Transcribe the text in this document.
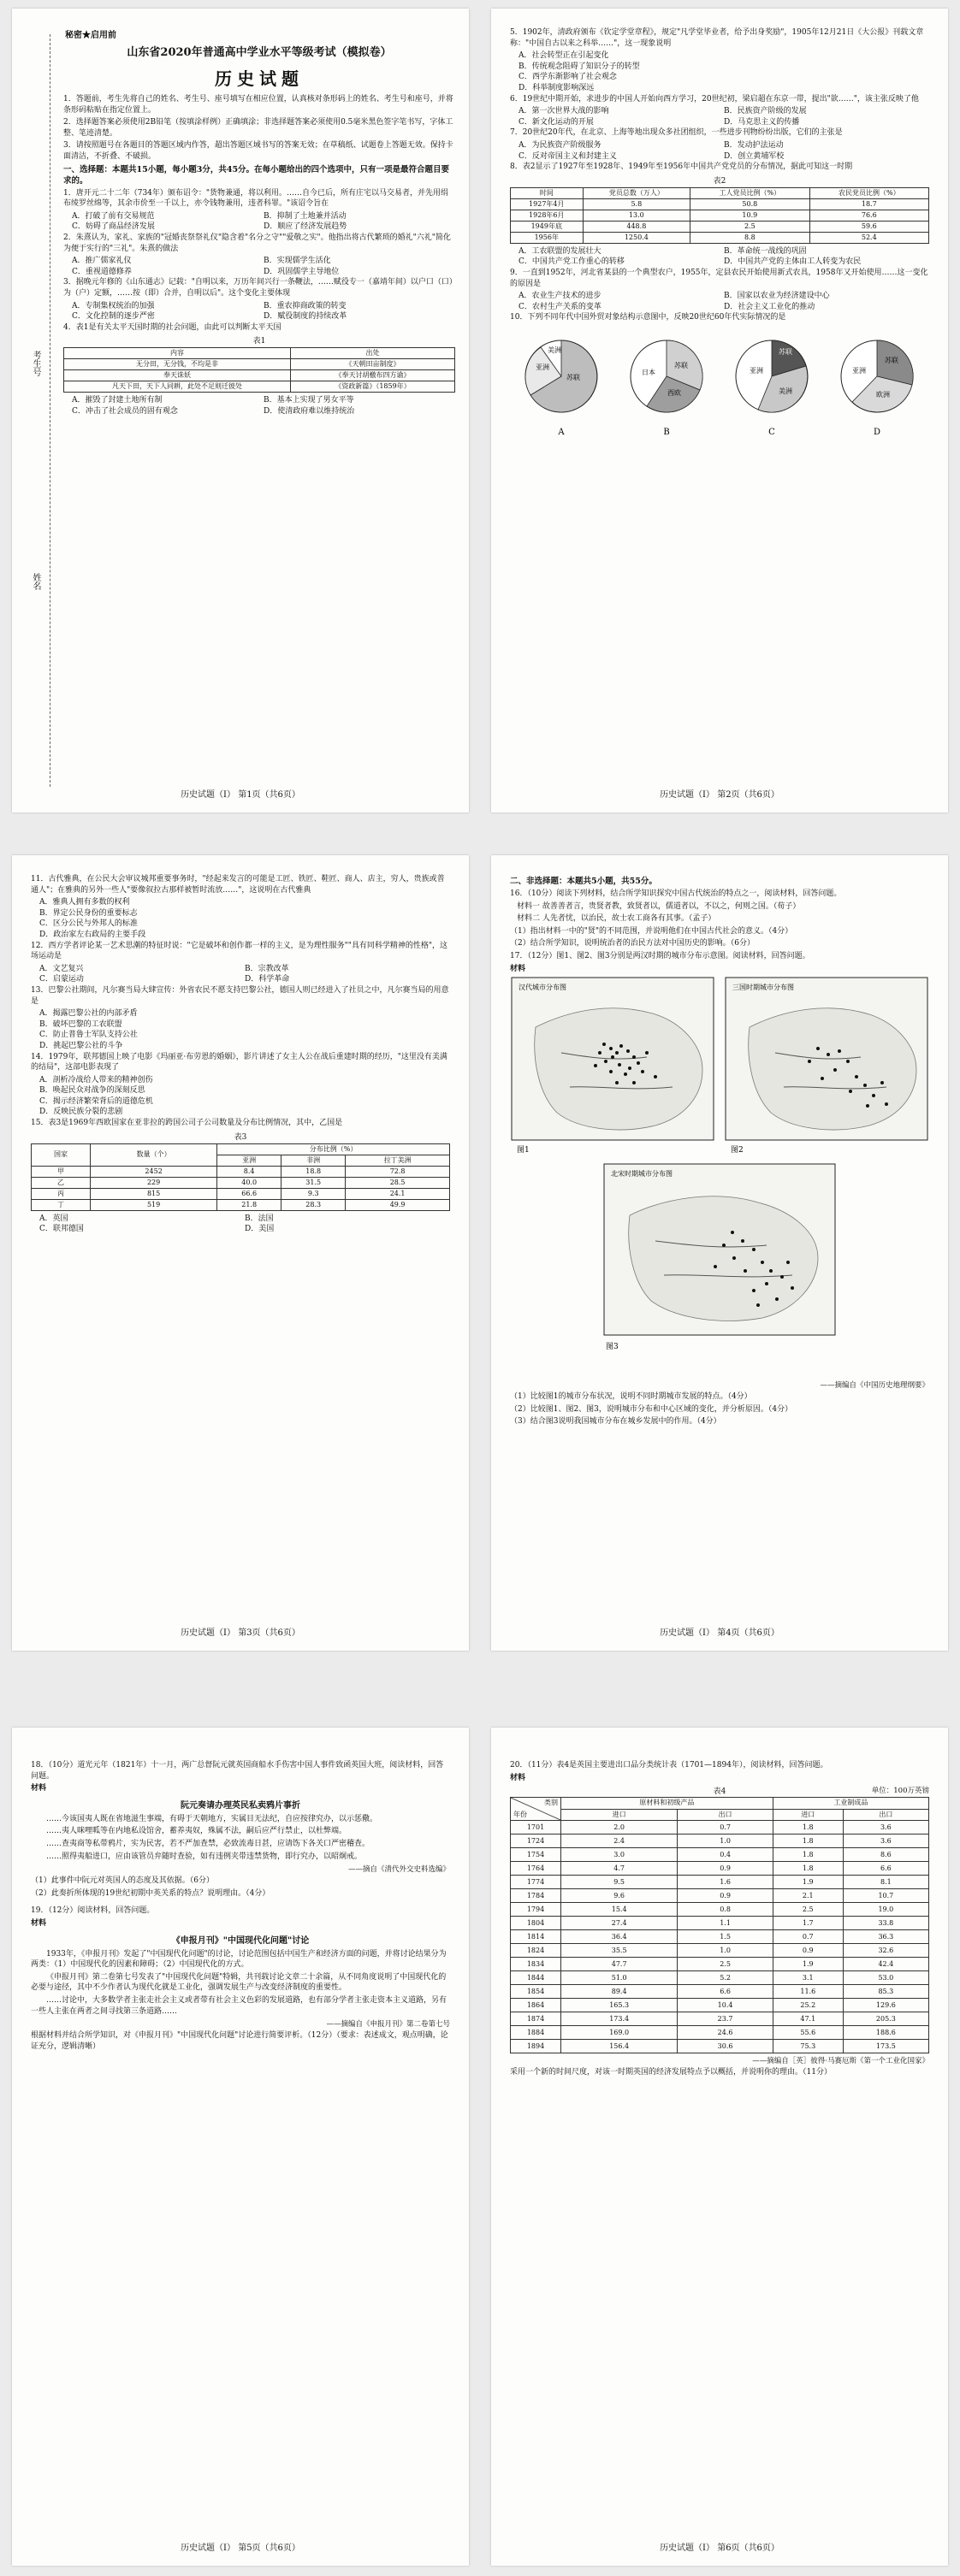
秘密★启用前
山东省2020年普通高中学业水平等级考试（模拟卷）
历史试题
考生号
姓名

1．答题前，考生先将自己的姓名、考生号、座号填写在相应位置，认真核对条形码上的姓名、考生号和座号，并将条形码粘贴在指定位置上。

2．选择题答案必须使用2B铅笔（按填涂样例）正确填涂；非选择题答案必须使用0.5毫米黑色签字笔书写，字体工整、笔迹清楚。

3．请按照题号在各题目的答题区域内作答，超出答题区域书写的答案无效；在草稿纸、试题卷上答题无效。保持卡面清洁，不折叠、不破损。

一、选择题：本题共15小题，每小题3分，共45分。在每小题给出的四个选项中，只有一项是最符合题目要求的。

1．唐开元二十二年（734年）颁布诏令："货物兼通，将以利用。……自今已后，所有庄宅以马交易者，并先用绢布绫罗丝绵等，其余市价至一千以上，亦令钱物兼用，违者科罪。"该诏令旨在

A．打破了前有交易规范	B．抑制了土地兼并活动
C．妨碍了商品经济发展	D．顺应了经济发展趋势

2．朱熹认为，家礼、家族的"冠婚丧祭祭礼仪"隐含着"名分之守""爱敬之实"。他指出将古代繁琐的婚礼"六礼"简化为便于实行的"三礼"。朱熹的做法

A．推广儒家礼仪	B．实现儒学生活化
C．重视道德修养	D．巩固儒学主导地位

3．据晚元年修的《山东通志》记载："自明以来，万历年间兴行一条鞭法，……赋役专一（嘉靖年间）以户口（口）为（户）定额，……按（即）合并，自明以后"。这个变化主要体现

A．专制集权统治的加强	B．重农抑商政策的转变
C．文化控制的逐步严密	D．赋役制度的持续改革

4．表1是有关太平天国时期的社会问题，由此可以判断太平天国

表1
内容	出处
无分田，无分钱，不均是非	《天朝田亩制度》
奉天诛妖	《奉天讨胡檄布四方谕》
凡天下田，天下人同耕，此处不足则迁彼处	《资政新篇》（1859年）
A．摧毁了封建土地所有制	B．基本上实现了男女平等
C．冲击了社会成员的固有观念	D．使清政府难以维持统治
历史试题（Ⅰ） 第1页（共6页）

5．1902年，清政府颁布《钦定学堂章程》，规定"凡学堂毕业者，给予出身奖励"，1905年12月21日《大公报》刊载文章称："中国自古以来之科举……"，这一现象说明

A．社会转型正在引起变化

B．传统观念阻碍了知识分子的转型

C．西学东渐影响了社会观念

D．科举制度影响深远

6．19世纪中期开始，求进步的中国人开始向西方学习，20世纪初，梁启超在东京一带，提出"欲……"，该主张反映了他

A．第一次世界大战的影响	B．民族资产阶级的发展
C．新文化运动的开展	D．马克思主义的传播

7．20世纪20年代，在北京、上海等地出现众多社团组织，一些进步刊物纷纷出版，它们的主张是

A．为民族资产阶级服务	B．发动护法运动
C．反对帝国主义和封建主义	D．创立黄埔军校

8．表2显示了1927年至1928年、1949年至1956年中国共产党党员的分布情况，据此可知这一时期

表2
时间	党员总数（万人）	工人党员比例（%）	农民党员比例（%）
1927年4月	5.8	50.8	18.7
1928年6月	13.0	10.9	76.6
1949年底	448.8	2.5	59.6
1956年	1250.4	8.8	52.4
A．工农联盟的发展壮大	B．革命统一战线的巩固
C．中国共产党工作重心的转移	D．中国共产党的主体由工人转变为农民

9．一直到1952年，河北省某县的一个典型农户，1955年，定县农民开始使用新式农具，1958年又开始使用……这一变化的原因是

A．农业生产技术的进步	B．国家以农业为经济建设中心
C．农村生产关系的变革	D．社会主义工业化的推动

10．下列不同年代中国外贸对象结构示意图中，反映20世纪60年代实际情况的是

苏联
亚洲
美洲
A
苏联
西欧
日本
B
亚洲
苏联
美洲
C
苏联
欧洲
亚洲
D
历史试题（Ⅰ） 第2页（共6页）

11．古代雅典，在公民大会审议城邦重要事务时，"经起来发言的可能是工匠、铁匠、鞋匠、商人、店主，穷人，贵族或普通人"；在雅典的另外一些人"要像叙拉古那样被暂时流放……"，这说明在古代雅典

A．雅典人拥有多数的权利

B．界定公民身份的重要标志

C．区分公民与外邦人的标准

D．政治家左右政局的主要手段

12．西方学者评论某一艺术思潮的特征时说："它是破坏和创作都一样的主义，是为理性服务""具有同科学精神的性格"，这场运动是

A．文艺复兴	B．宗教改革
C．启蒙运动	D．科学革命

13．巴黎公社期间，凡尔赛当局大肆宣传：外省农民不愿支持巴黎公社，德国人则已经进入了社员之中，凡尔赛当局的用意是

A．揭露巴黎公社的内部矛盾

B．破坏巴黎的工农联盟

C．防止普鲁士军队支持公社

D．挑起巴黎公社的斗争

14．1979年，联邦德国上映了电影《玛丽亚·布劳恩的婚姻》，影片讲述了女主人公在战后重建时期的经历，"这里没有美满的结局"，这部电影表现了

A．剖析冷战给人带来的精神创伤

B．唤起民众对战争的深刻反思

C．揭示经济繁荣背后的道德危机

D．反映民族分裂的悲剧

15．表3是1969年西欧国家在亚非拉的跨国公司子公司数量及分布比例情况，其中，乙国是

表3
国家	数量（个）	分布比例（%）		
		亚洲	非洲	拉丁美洲
甲	2452	8.4	18.8	72.8
乙	229	40.0	31.5	28.5
丙	815	66.6	9.3	24.1
丁	519	21.8	28.3	49.9
A．英国	B．法国
C．联邦德国	D．美国
历史试题（Ⅰ） 第3页（共6页）
二、非选择题：本题共5小题，共55分。

16．（10分）阅读下列材料，结合所学知识探究中国古代统治的特点之一，阅读材料，回答问题。

材料一 故善善者言，贵贤者教，致贤者以，儒道者以，不以之，何则之国。（荀子）

材料二 人先者忧，以治民，故士农工商各有其事。（孟子）

（1）指出材料一中的"贤"的不同范围，并说明他们在中国古代社会的意义。（4分）

（2）结合所学知识，说明统治者的治民方法对中国历史的影响。（6分）

17．（12分）图1、图2、图3分别是两汉时期的城市分布示意图。阅读材料，回答问题。

材料

汉代城市分布图
图1
三国时期城市分布图
图2
北宋时期城市分布图
图3
——摘编自《中国历史地理纲要》

（1）比较图1的城市分布状况，说明不同时期城市发展的特点。（4分）

（2）比较图1、图2、图3，说明城市分布和中心区域的变化，并分析原因。（4分）

（3）结合图3说明我国城市分布在城乡发展中的作用。（4分）

历史试题（Ⅰ） 第4页（共6页）

18．（10分）道光元年（1821年）十一月，两广总督阮元就英国商船水手伤害中国人事件致函英国大班，阅读材料，回答问题。

材料

阮元奏请办理英民私卖鸦片事折

……今该国夷人既在省地滋生事端，有碍于天朝地方，实属目无法纪，自应按律究办，以示惩儆。

……夷人咪哩呱等在内地私设馆舍，蓄养夷奴，殊属不法，嗣后应严行禁止，以杜弊端。

……查夷商等私带鸦片，实为民害，若不严加查禁，必致流毒日甚，应请饬下各关口严密稽查。

……照得夷船进口，应由该管员弁随时查验，如有违例夹带违禁货物，即行究办，以昭炯戒。

——摘自《清代外交史料选编》

（1）此事件中阮元对英国人的态度及其依据。（6分）

（2）此奏折所体现的19世纪初期中英关系的特点？说明理由。（4分）

19．（12分）阅读材料，回答问题。

材料

《申报月刊》"中国现代化问题"讨论

1933年，《申报月刊》发起了"中国现代化问题"的讨论，讨论范围包括中国生产和经济方面的问题，并将讨论结果分为两类：（1）中国现代化的因素和障碍；（2）中国现代化的方式。

《申报月刊》第二卷第七号发表了"中国现代化问题"特辑，共刊载讨论文章二十余篇，从不同角度说明了中国现代化的必要与途径，其中不少作者认为现代化就是工业化，强调发展生产与改变经济制度的重要性。

……讨论中，大多数学者主张走社会主义或者带有社会主义色彩的发展道路，也有部分学者主张走资本主义道路，另有一些人主张在两者之间寻找第三条道路……

——摘编自《申报月刊》第二卷第七号

根据材料并结合所学知识，对《申报月刊》"中国现代化问题"讨论进行简要评析。（12分）（要求：表述成文，观点明确，论证充分，逻辑清晰）

历史试题（Ⅰ） 第5页（共6页）

20．（11分）表4是英国主要进出口品分类统计表（1701—1894年），阅读材料，回答问题。

材料

表4	单位：100万英镑
类别
年份	原材料和初级产品		工业制成品	
	进口	出口	进口	出口
1701	2.0	0.7	1.8	3.6
1724	2.4	1.0	1.8	3.6
1754	3.0	0.4	1.8	8.6
1764	4.7	0.9	1.8	6.6
1774	9.5	1.6	1.9	8.1
1784	9.6	0.9	2.1	10.7
1794	15.4	0.8	2.5	19.0
1804	27.4	1.1	1.7	33.8
1814	36.4	1.5	0.7	36.3
1824	35.5	1.0	0.9	32.6
1834	47.7	2.5	1.9	42.4
1844	51.0	5.2	3.1	53.0
1854	89.4	6.6	11.6	85.3
1864	165.3	10.4	25.2	129.6
1874	173.4	23.7	47.1	205.3
1884	169.0	24.6	55.6	188.6
1894	156.4	30.6	75.3	173.5
——摘编自［英］彼得·马赛厄斯《第一个工业化国家》

采用一个新的时间尺度，对该一时期英国的经济发展特点予以概括，并说明你的理由。（11分）

历史试题（Ⅰ） 第6页（共6页）
